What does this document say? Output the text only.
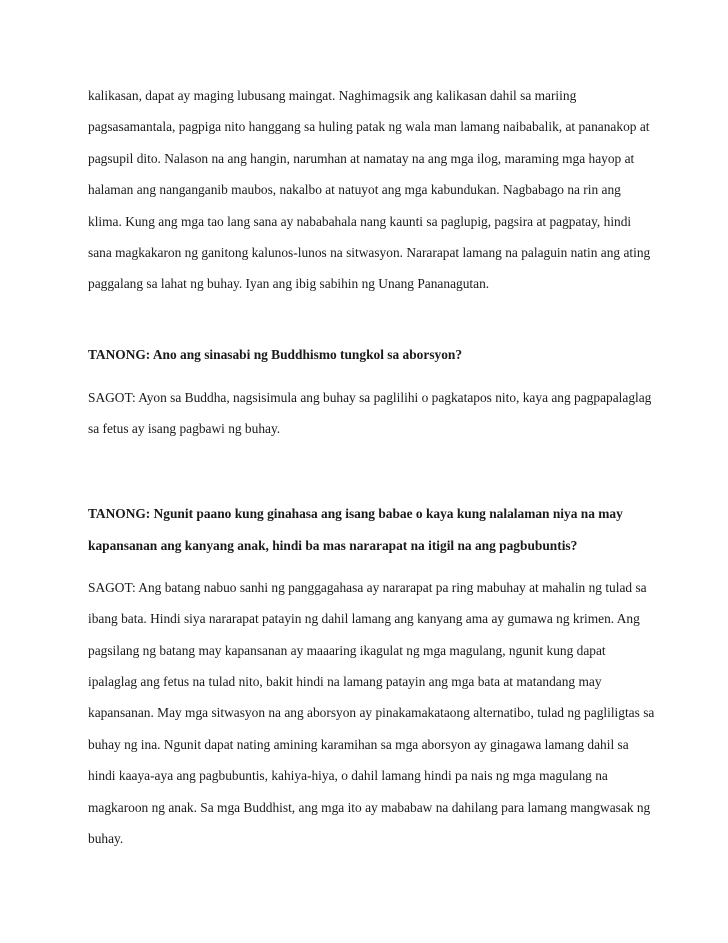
kalikasan, dapat ay maging lubusang maingat. Naghimagsik ang kalikasan dahil sa mariing

pagsasamantala, pagpiga nito hanggang sa huling patak ng wala man lamang naibabalik, at pananakop at

pagsupil dito. Nalason na ang hangin, narumhan at namatay na ang mga ilog, maraming mga hayop at

halaman ang nanganganib maubos, nakalbo at natuyot ang mga kabundukan. Nagbabago na rin ang

klima. Kung ang mga tao lang sana ay nababahala nang kaunti sa paglupig, pagsira at pagpatay, hindi

sana magkakaron ng ganitong kalunos-lunos na sitwasyon. Nararapat lamang na palaguin natin ang ating

paggalang sa lahat ng buhay. Iyan ang ibig sabihin ng Unang Pananagutan.

TANONG: Ano ang sinasabi ng Buddhismo tungkol sa aborsyon?

SAGOT: Ayon sa Buddha, nagsisimula ang buhay sa paglilihi o pagkatapos nito, kaya ang pagpapalaglag

sa fetus ay isang pagbawi ng buhay.

TANONG: Ngunit paano kung ginahasa ang isang babae o kaya kung nalalaman niya na may

kapansanan ang kanyang anak, hindi ba mas nararapat na itigil na ang pagbubuntis?

SAGOT: Ang batang nabuo sanhi ng panggagahasa ay nararapat pa ring mabuhay at mahalin ng tulad sa

ibang bata. Hindi siya nararapat patayin ng dahil lamang ang kanyang ama ay gumawa ng krimen. Ang

pagsilang ng batang may kapansanan ay maaaring ikagulat ng mga magulang, ngunit kung dapat

ipalaglag ang fetus na tulad nito, bakit hindi na lamang patayin ang mga bata at matandang may

kapansanan. May mga sitwasyon na ang aborsyon ay pinakamakataong alternatibo, tulad ng pagliligtas sa

buhay ng ina. Ngunit dapat nating amining karamihan sa mga aborsyon ay ginagawa lamang dahil sa

hindi kaaya-aya ang pagbubuntis, kahiya-hiya, o dahil lamang hindi pa nais ng mga magulang na

magkaroon ng anak. Sa mga Buddhist, ang mga ito ay mababaw na dahilang para lamang mangwasak ng

buhay.
